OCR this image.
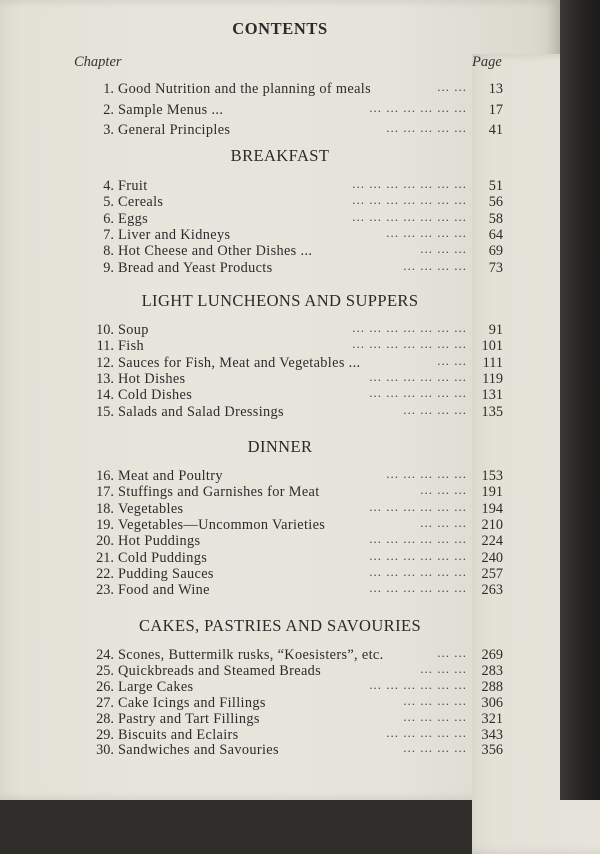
CONTENTS
Chapter	Page
1. Good Nutrition and the planning of meals	... ...	13
2. Sample Menus ...	... ... ... ... ... ...	17
3. General Principles	... ... ... ... ...	41
BREAKFAST
4. Fruit	... ... ... ... ... ... ...	51
5. Cereals	... ... ... ... ... ... ...	56
6. Eggs	... ... ... ... ... ... ...	58
7. Liver and Kidneys	... ... ... ... ...	64
8. Hot Cheese and Other Dishes ...	... ... ...	69
9. Bread and Yeast Products	... ... ... ...	73
LIGHT LUNCHEONS AND SUPPERS
10. Soup	... ... ... ... ... ... ...	91
11. Fish	... ... ... ... ... ... ...	101
12. Sauces for Fish, Meat and Vegetables ...	... ...	111
13. Hot Dishes	... ... ... ... ... ...	119
14. Cold Dishes	... ... ... ... ... ...	131
15. Salads and Salad Dressings	... ... ... ...	135
DINNER
16. Meat and Poultry	... ... ... ... ...	153
17. Stuffings and Garnishes for Meat	... ... ...	191
18. Vegetables	... ... ... ... ... ...	194
19. Vegetables—Uncommon Varieties	... ... ...	210
20. Hot Puddings	... ... ... ... ... ...	224
21. Cold Puddings	... ... ... ... ... ...	240
22. Pudding Sauces	... ... ... ... ... ...	257
23. Food and Wine	... ... ... ... ... ...	263
CAKES, PASTRIES AND SAVOURIES
24. Scones, Buttermilk rusks, “Koesisters”, etc.	... ...	269
25. Quickbreads and Steamed Breads	... ... ...	283
26. Large Cakes	... ... ... ... ... ...	288
27. Cake Icings and Fillings	... ... ... ...	306
28. Pastry and Tart Fillings	... ... ... ...	321
29. Biscuits and Eclairs	... ... ... ... ...	343
30. Sandwiches and Savouries	... ... ... ...	356
